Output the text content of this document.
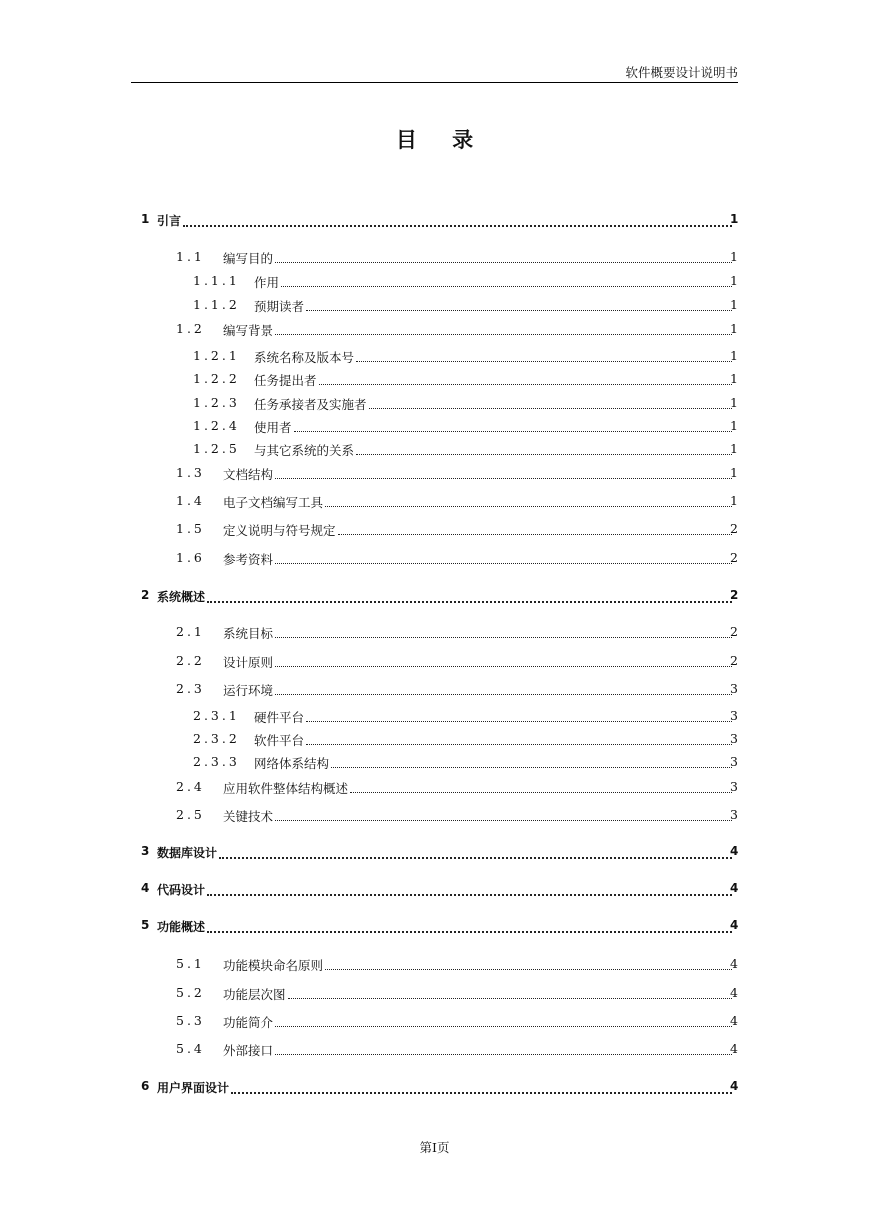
软件概要设计说明书
目 录
1 引言	1
1.1 编写目的	1
1.1.1 作用	1
1.1.2 预期读者	1
1.2 编写背景	1
1.2.1 系统名称及版本号	1
1.2.2 任务提出者	1
1.2.3 任务承接者及实施者	1
1.2.4 使用者	1
1.2.5 与其它系统的关系	1
1.3 文档结构	1
1.4 电子文档编写工具	1
1.5 定义说明与符号规定	2
1.6 参考资料	2
2 系统概述	2
2.1 系统目标	2
2.2 设计原则	2
2.3 运行环境	3
2.3.1 硬件平台	3
2.3.2 软件平台	3
2.3.3 网络体系结构	3
2.4 应用软件整体结构概述	3
2.5 关键技术	3
3 数据库设计	4
4 代码设计	4
5 功能概述	4
5.1 功能模块命名原则	4
5.2 功能层次图	4
5.3 功能简介	4
5.4 外部接口	4
6 用户界面设计	4
第I页
